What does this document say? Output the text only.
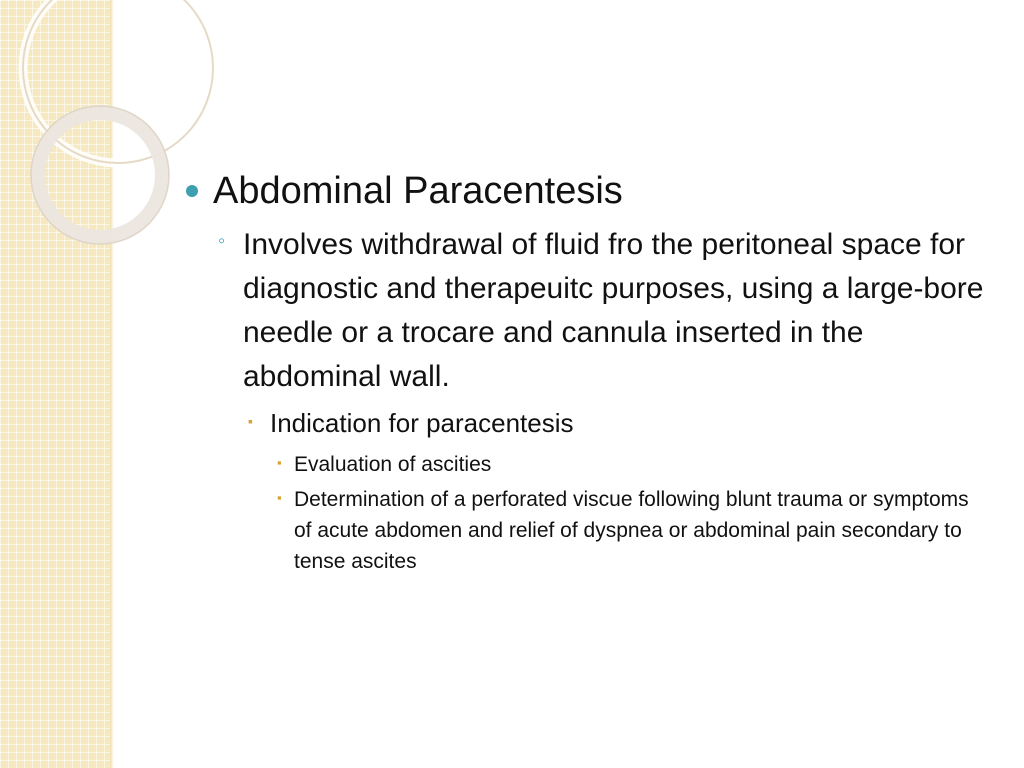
Abdominal Paracentesis

◦ Involves withdrawal of fluid fro the peritoneal space for diagnostic and therapeuitc purposes, using a large-bore needle or a trocare and cannula inserted in the abdominal wall.

▪ Indication for paracentesis

▪ Evaluation of ascities

▪ Determination of a perforated viscue following blunt trauma or symptoms of acute abdomen and relief of dyspnea or abdominal pain secondary to tense ascites
